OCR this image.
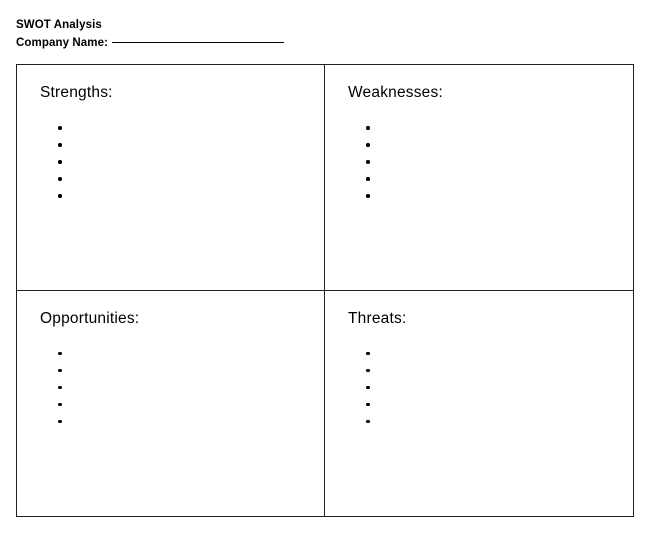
SWOT Analysis
Company Name:
Strengths:	Weaknesses:
Opportunities:	Threats:
